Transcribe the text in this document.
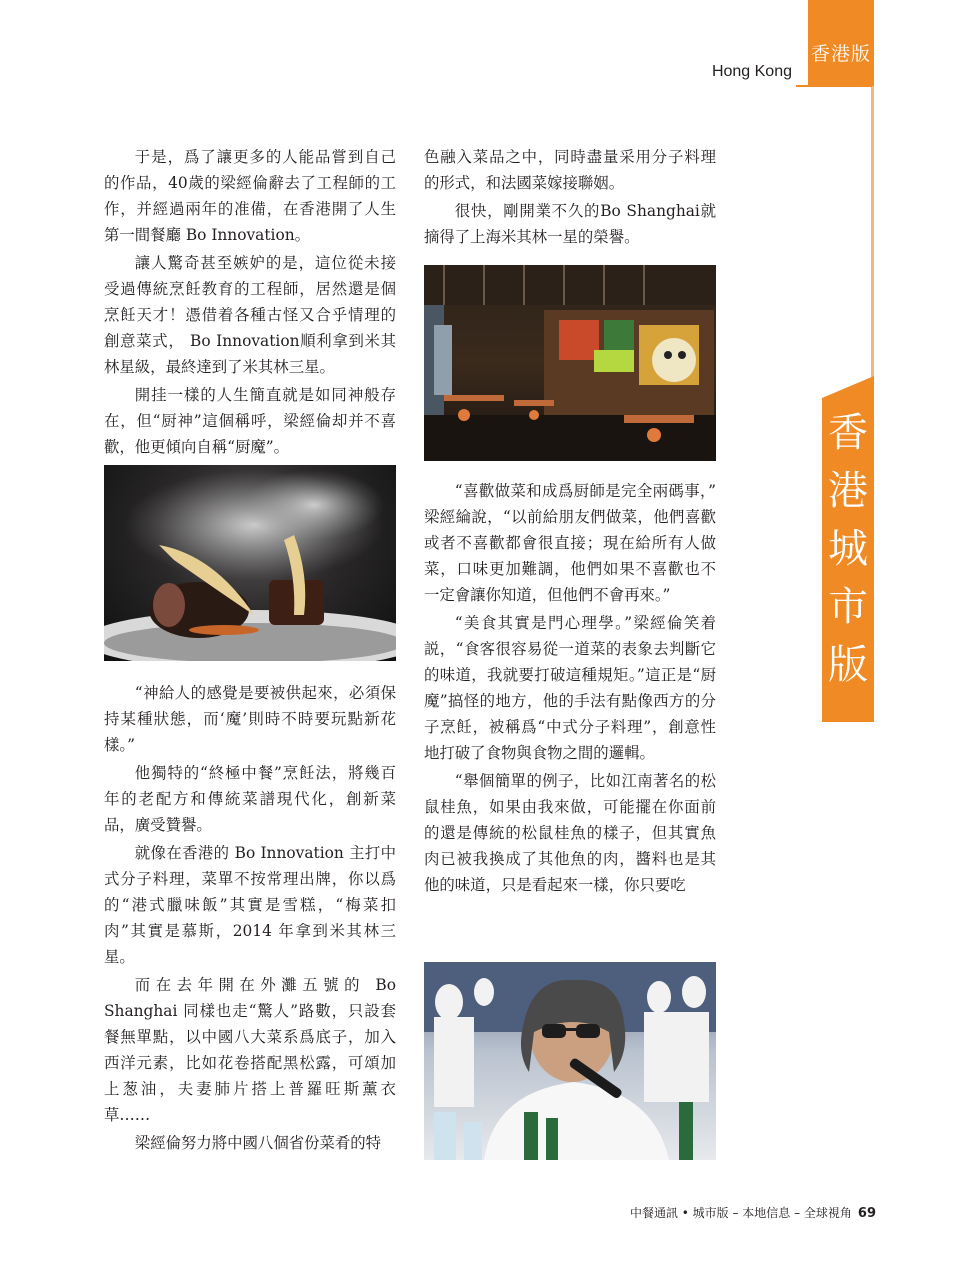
香港版
Hong Kong
香
港
城
市
版

于是，爲了讓更多的人能品嘗到自己的作品，40歲的梁經倫辭去了工程師的工作，并經過兩年的准備，在香港開了人生第一間餐廳 Bo Innovation。

讓人驚奇甚至嫉妒的是，這位從未接受過傳統烹飪教育的工程師，居然還是個烹飪天才！憑借着各種古怪又合乎情理的創意菜式， Bo Innovation順利拿到米其林星級，最終達到了米其林三星。

開挂一樣的人生簡直就是如同神般存在，但“厨神”這個稱呼，梁經倫却并不喜歡，他更傾向自稱“厨魔”。

“神給人的感覺是要被供起來，必須保持某種狀態，而‘魔’則時不時要玩點新花樣。”

他獨特的“終極中餐”烹飪法，將幾百年的老配方和傳統菜譜現代化，創新菜品，廣受贊譽。

就像在香港的 Bo Innovation 主打中式分子料理，菜單不按常理出牌，你以爲的“港式臘味飯”其實是雪糕，“梅菜扣肉”其實是慕斯，2014 年拿到米其林三星。

而在去年開在外灘五號的 Bo Shanghai 同樣也走“驚人”路數，只設套餐無單點，以中國八大菜系爲底子，加入西洋元素，比如花卷搭配黑松露，可頌加上葱油，夫妻肺片搭上普羅旺斯薰衣草……

梁經倫努力將中國八個省份菜肴的特

色融入菜品之中，同時盡量采用分子料理的形式，和法國菜嫁接聯姻。

很快，剛開業不久的Bo Shanghai就摘得了上海米其林一星的榮譽。

“喜歡做菜和成爲厨師是完全兩碼事，”　梁經綸說，“以前給朋友們做菜，他們喜歡或者不喜歡都會很直接；現在給所有人做菜，口味更加難調，他們如果不喜歡也不一定會讓你知道，但他們不會再來。”

“美食其實是門心理學。”梁經倫笑着説，“食客很容易從一道菜的表象去判斷它的味道，我就要打破這種規矩。”這正是“厨魔”搞怪的地方，他的手法有點像西方的分子烹飪，被稱爲“中式分子料理”，創意性地打破了食物與食物之間的邏輯。

“舉個簡單的例子，比如江南著名的松鼠桂魚，如果由我來做，可能擺在你面前的還是傳統的松鼠桂魚的樣子，但其實魚肉已被我換成了其他魚的肉，醬料也是其他的味道，只是看起來一樣，你只要吃

中餐通訊 • 城市版 – 本地信息 – 全球視角 69
